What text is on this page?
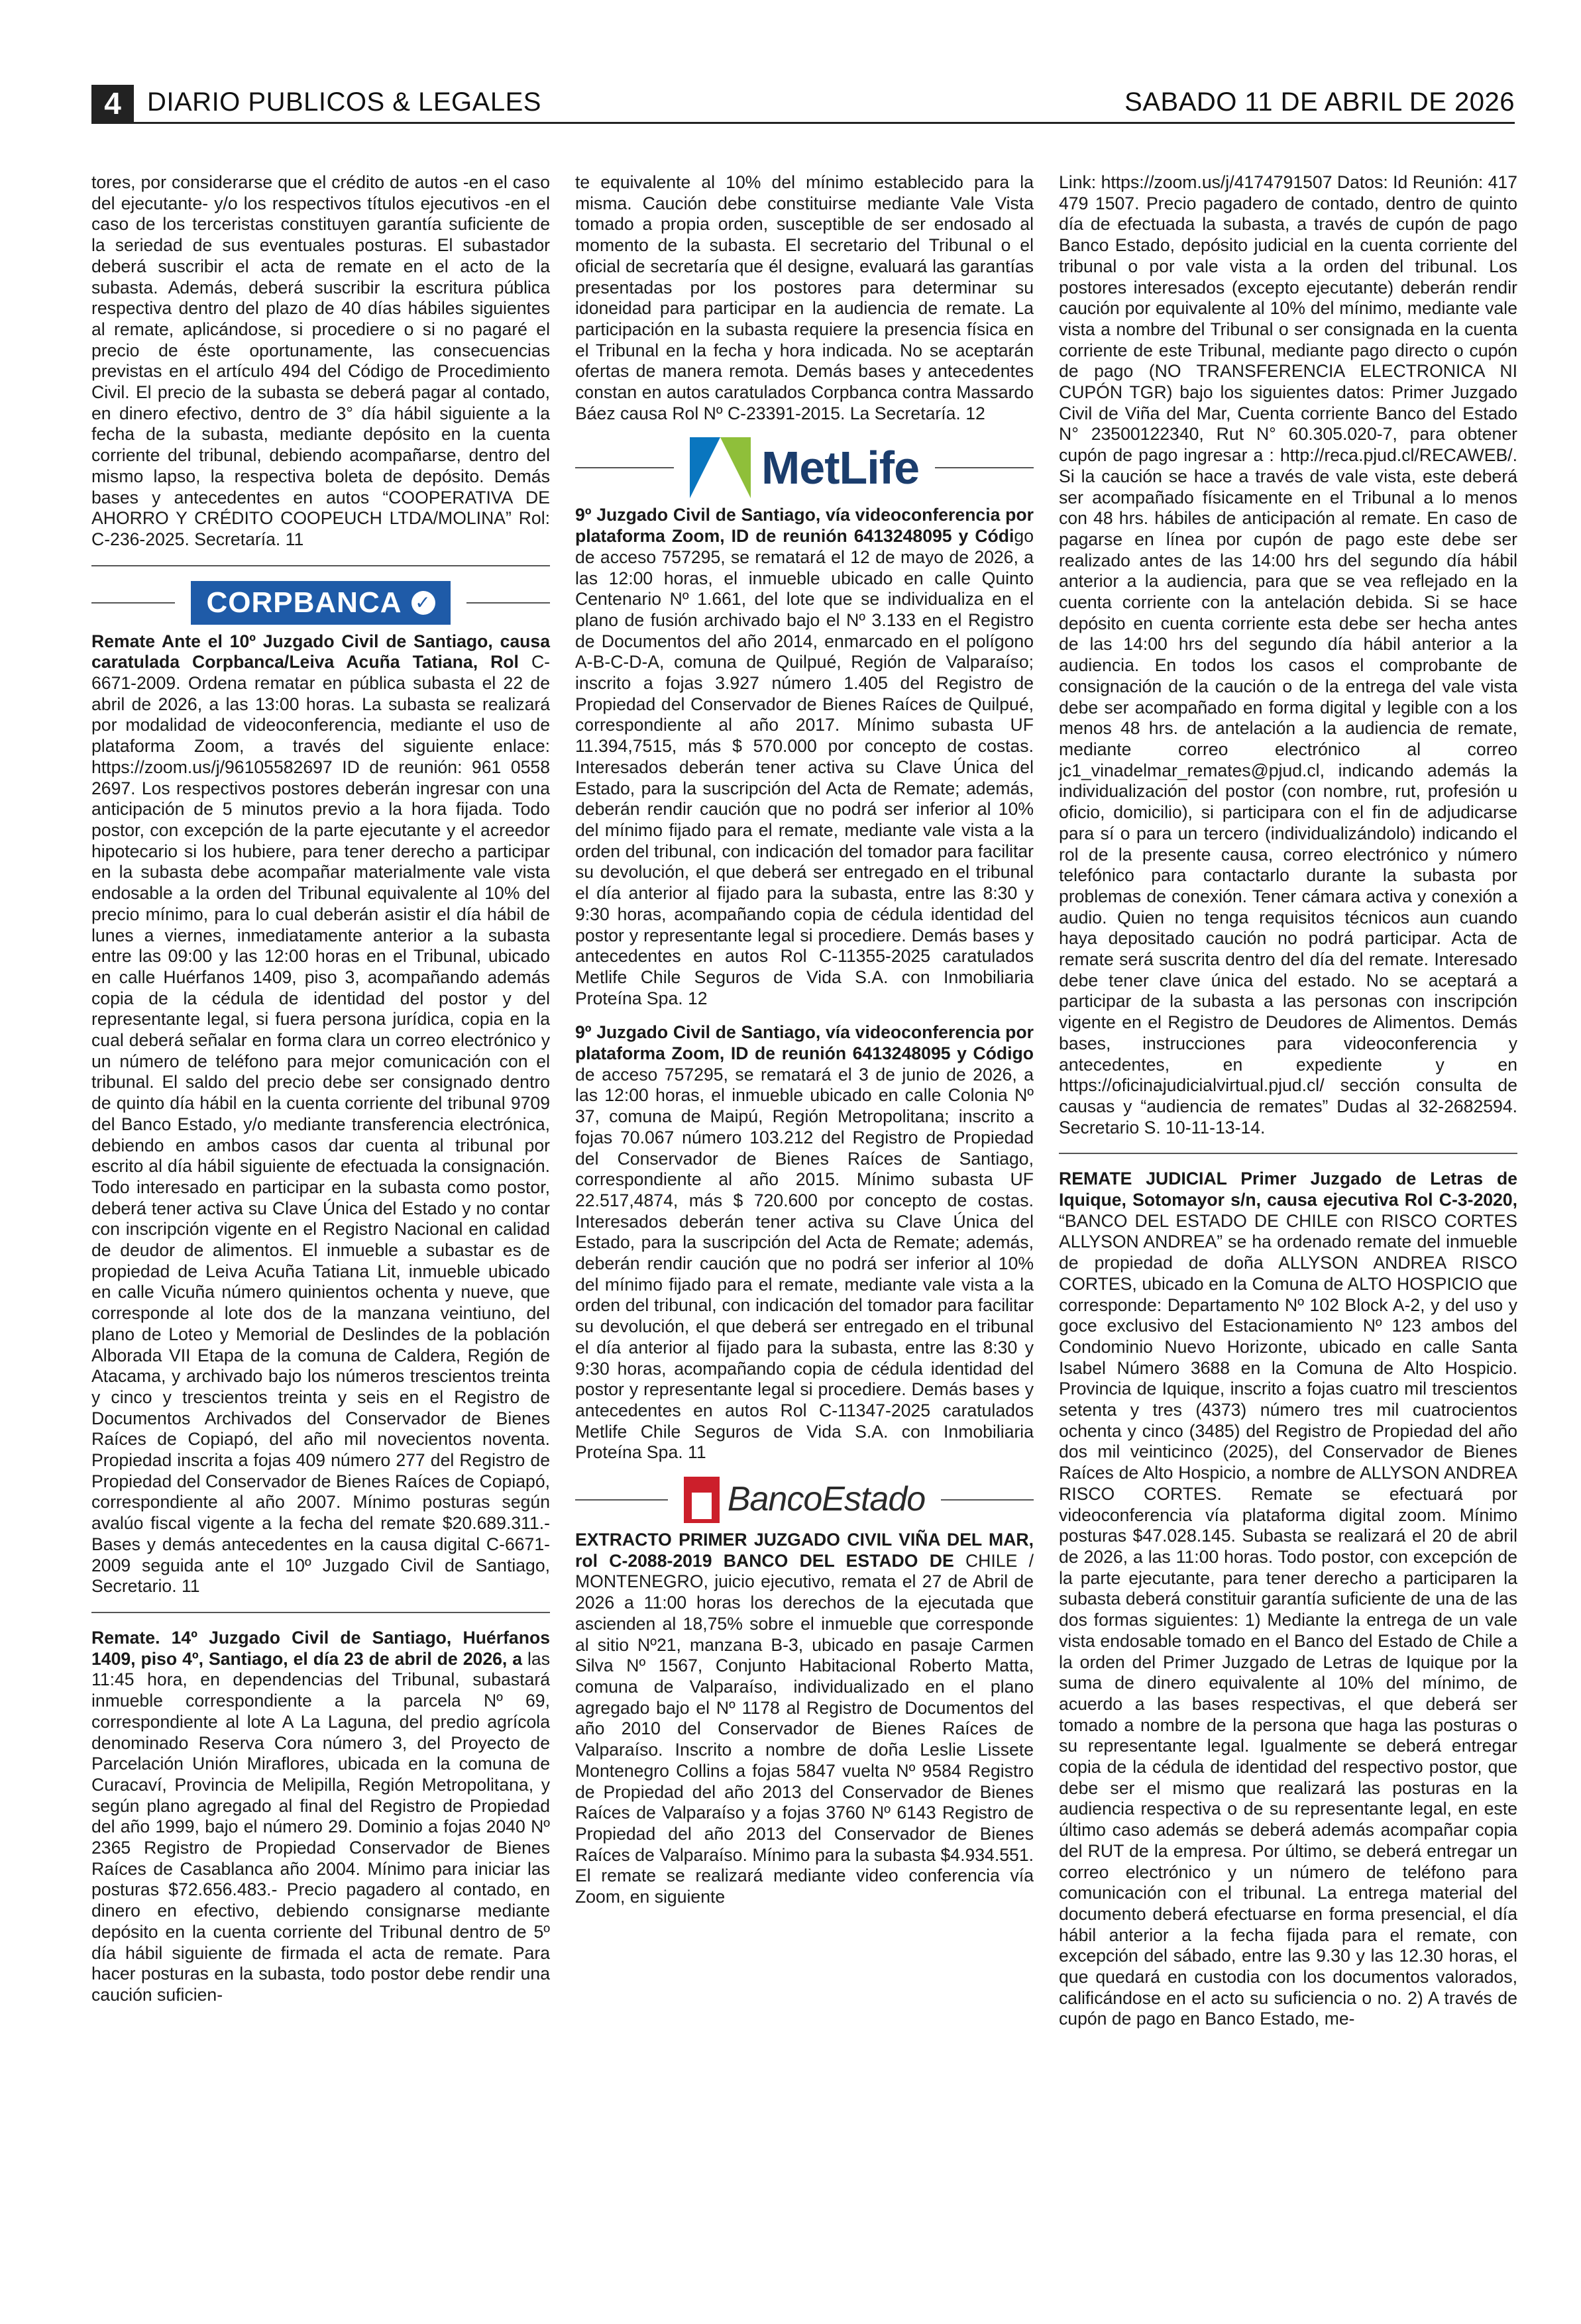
4 DIARIO PUBLICOS & LEGALES	SABADO 11 DE ABRIL DE 2026

tores, por considerarse que el crédito de autos -en el caso del ejecutante- y/o los respectivos títulos ejecutivos -en el caso de los terceristas constituyen garantía suficiente de la seriedad de sus eventuales posturas. El subastador deberá suscribir el acta de remate en el acto de la subasta. Además, deberá suscribir la escritura pública respectiva dentro del plazo de 40 días hábiles siguientes al remate, aplicándose, si procediere o si no pagaré el precio de éste oportunamente, las consecuencias previstas en el artículo 494 del Código de Procedimiento Civil. El precio de la subasta se deberá pagar al contado, en dinero efectivo, dentro de 3° día hábil siguiente a la fecha de la subasta, mediante depósito en la cuenta corriente del tribunal, debiendo acompañarse, dentro del mismo lapso, la respectiva boleta de depósito. Demás bases y antecedentes en autos “COOPERATIVA DE AHORRO Y CRÉDITO COOPEUCH LTDA/MOLINA” Rol: C-236-2025. Secretaría. 11

CORPBANCA ✓

Remate Ante el 10º Juzgado Civil de Santiago, causa caratulada Corpbanca/Leiva Acuña Tatiana, Rol C-6671-2009. Ordena rematar en pública subasta el 22 de abril de 2026, a las 13:00 horas. La subasta se realizará por modalidad de videoconferencia, mediante el uso de plataforma Zoom, a través del siguiente enlace: https://zoom.us/j/96105582697 ID de reunión: 961 0558 2697. Los respectivos postores deberán ingresar con una anticipación de 5 minutos previo a la hora fijada. Todo postor, con excepción de la parte ejecutante y el acreedor hipotecario si los hubiere, para tener derecho a participar en la subasta debe acompañar materialmente vale vista endosable a la orden del Tribunal equivalente al 10% del precio mínimo, para lo cual deberán asistir el día hábil de lunes a viernes, inmediatamente anterior a la subasta entre las 09:00 y las 12:00 horas en el Tribunal, ubicado en calle Huérfanos 1409, piso 3, acompañando además copia de la cédula de identidad del postor y del representante legal, si fuera persona jurídica, copia en la cual deberá señalar en forma clara un correo electrónico y un número de teléfono para mejor comunicación con el tribunal. El saldo del precio debe ser consignado dentro de quinto día hábil en la cuenta corriente del tribunal 9709 del Banco Estado, y/o mediante transferencia electrónica, debiendo en ambos casos dar cuenta al tribunal por escrito al día hábil siguiente de efectuada la consignación. Todo interesado en participar en la subasta como postor, deberá tener activa su Clave Única del Estado y no contar con inscripción vigente en el Registro Nacional en calidad de deudor de alimentos. El inmueble a subastar es de propiedad de Leiva Acuña Tatiana Lit, inmueble ubicado en calle Vicuña número quinientos ochenta y nueve, que corresponde al lote dos de la manzana veintiuno, del plano de Loteo y Memorial de Deslindes de la población Alborada VII Etapa de la comuna de Caldera, Región de Atacama, y archivado bajo los números trescientos treinta y cinco y trescientos treinta y seis en el Registro de Documentos Archivados del Conservador de Bienes Raíces de Copiapó, del año mil novecientos noventa. Propiedad inscrita a fojas 409 número 277 del Registro de Propiedad del Conservador de Bienes Raíces de Copiapó, correspondiente al año 2007. Mínimo posturas según avalúo fiscal vigente a la fecha del remate $20.689.311.- Bases y demás antecedentes en la causa digital C-6671-2009 seguida ante el 10º Juzgado Civil de Santiago, Secretario. 11

Remate. 14º Juzgado Civil de Santiago, Huérfanos 1409, piso 4º, Santiago, el día 23 de abril de 2026, a las 11:45 hora, en dependencias del Tribunal, subastará inmueble correspondiente a la parcela Nº 69, correspondiente al lote A La Laguna, del predio agrícola denominado Reserva Cora número 3, del Proyecto de Parcelación Unión Miraflores, ubicada en la comuna de Curacaví, Provincia de Melipilla, Región Metropolitana, y según plano agregado al final del Registro de Propiedad del año 1999, bajo el número 29. Dominio a fojas 2040 Nº 2365 Registro de Propiedad Conservador de Bienes Raíces de Casablanca año 2004. Mínimo para iniciar las posturas $72.656.483.- Precio pagadero al contado, en dinero en efectivo, debiendo consignarse mediante depósito en la cuenta corriente del Tribunal dentro de 5º día hábil siguiente de firmada el acta de remate. Para hacer posturas en la subasta, todo postor debe rendir una caución suficien-

te equivalente al 10% del mínimo establecido para la misma. Caución debe constituirse mediante Vale Vista tomado a propia orden, susceptible de ser endosado al momento de la subasta. El secretario del Tribunal o el oficial de secretaría que él designe, evaluará las garantías presentadas por los postores para determinar su idoneidad para participar en la audiencia de remate. La participación en la subasta requiere la presencia física en el Tribunal en la fecha y hora indicada. No se aceptarán ofertas de manera remota. Demás bases y antecedentes constan en autos caratulados Corpbanca contra Massardo Báez causa Rol Nº C-23391-2015. La Secretaría. 12

MetLife

9º Juzgado Civil de Santiago, vía videoconferencia por plataforma Zoom, ID de reunión 6413248095 y Código de acceso 757295, se rematará el 12 de mayo de 2026, a las 12:00 horas, el inmueble ubicado en calle Quinto Centenario Nº 1.661, del lote que se individualiza en el plano de fusión archivado bajo el Nº 3.133 en el Registro de Documentos del año 2014, enmarcado en el polígono A-B-C-D-A, comuna de Quilpué, Región de Valparaíso; inscrito a fojas 3.927 número 1.405 del Registro de Propiedad del Conservador de Bienes Raíces de Quilpué, correspondiente al año 2017. Mínimo subasta UF 11.394,7515, más $ 570.000 por concepto de costas. Interesados deberán tener activa su Clave Única del Estado, para la suscripción del Acta de Remate; además, deberán rendir caución que no podrá ser inferior al 10% del mínimo fijado para el remate, mediante vale vista a la orden del tribunal, con indicación del tomador para facilitar su devolución, el que deberá ser entregado en el tribunal el día anterior al fijado para la subasta, entre las 8:30 y 9:30 horas, acompañando copia de cédula identidad del postor y representante legal si procediere. Demás bases y antecedentes en autos Rol C-11355-2025 caratulados Metlife Chile Seguros de Vida S.A. con Inmobiliaria Proteína Spa. 12

9º Juzgado Civil de Santiago, vía videoconferencia por plataforma Zoom, ID de reunión 6413248095 y Código de acceso 757295, se rematará el 3 de junio de 2026, a las 12:00 horas, el inmueble ubicado en calle Colonia Nº 37, comuna de Maipú, Región Metropolitana; inscrito a fojas 70.067 número 103.212 del Registro de Propiedad del Conservador de Bienes Raíces de Santiago, correspondiente al año 2015. Mínimo subasta UF 22.517,4874, más $ 720.600 por concepto de costas. Interesados deberán tener activa su Clave Única del Estado, para la suscripción del Acta de Remate; además, deberán rendir caución que no podrá ser inferior al 10% del mínimo fijado para el remate, mediante vale vista a la orden del tribunal, con indicación del tomador para facilitar su devolución, el que deberá ser entregado en el tribunal el día anterior al fijado para la subasta, entre las 8:30 y 9:30 horas, acompañando copia de cédula identidad del postor y representante legal si procediere. Demás bases y antecedentes en autos Rol C-11347-2025 caratulados Metlife Chile Seguros de Vida S.A. con Inmobiliaria Proteína Spa. 11

BancoEstado

EXTRACTO PRIMER JUZGADO CIVIL VIÑA DEL MAR, rol C-2088-2019 BANCO DEL ESTADO DE CHILE / MONTENEGRO, juicio ejecutivo, remata el 27 de Abril de 2026 a 11:00 horas los derechos de la ejecutada que ascienden al 18,75% sobre el inmueble que corresponde al sitio Nº21, manzana B-3, ubicado en pasaje Carmen Silva Nº 1567, Conjunto Habitacional Roberto Matta, comuna de Valparaíso, individualizado en el plano agregado bajo el Nº 1178 al Registro de Documentos del año 2010 del Conservador de Bienes Raíces de Valparaíso. Inscrito a nombre de doña Leslie Lissete Montenegro Collins a fojas 5847 vuelta Nº 9584 Registro de Propiedad del año 2013 del Conservador de Bienes Raíces de Valparaíso y a fojas 3760 Nº 6143 Registro de Propiedad del año 2013 del Conservador de Bienes Raíces de Valparaíso. Mínimo para la subasta $4.934.551. El remate se realizará mediante video conferencia vía Zoom, en siguiente

Link: https://zoom.us/j/4174791507 Datos: Id Reunión: 417 479 1507. Precio pagadero de contado, dentro de quinto día de efectuada la subasta, a través de cupón de pago Banco Estado, depósito judicial en la cuenta corriente del tribunal o por vale vista a la orden del tribunal. Los postores interesados (excepto ejecutante) deberán rendir caución por equivalente al 10% del mínimo, mediante vale vista a nombre del Tribunal o ser consignada en la cuenta corriente de este Tribunal, mediante pago directo o cupón de pago (NO TRANSFERENCIA ELECTRONICA NI CUPÓN TGR) bajo los siguientes datos: Primer Juzgado Civil de Viña del Mar, Cuenta corriente Banco del Estado N° 23500122340, Rut N° 60.305.020-7, para obtener cupón de pago ingresar a : http://reca.pjud.cl/RECAWEB/. Si la caución se hace a través de vale vista, este deberá ser acompañado físicamente en el Tribunal a lo menos con 48 hrs. hábiles de anticipación al remate. En caso de pagarse en línea por cupón de pago este debe ser realizado antes de las 14:00 hrs del segundo día hábil anterior a la audiencia, para que se vea reflejado en la cuenta corriente con la antelación debida. Si se hace depósito en cuenta corriente esta debe ser hecha antes de las 14:00 hrs del segundo día hábil anterior a la audiencia. En todos los casos el comprobante de consignación de la caución o de la entrega del vale vista debe ser acompañado en forma digital y legible con a los menos 48 hrs. de antelación a la audiencia de remate, mediante correo electrónico al correo jc1_vinadelmar_remates@pjud.cl, indicando además la individualización del postor (con nombre, rut, profesión u oficio, domicilio), si participara con el fin de adjudicarse para sí o para un tercero (individualizándolo) indicando el rol de la presente causa, correo electrónico y número telefónico para contactarlo durante la subasta por problemas de conexión. Tener cámara activa y conexión a audio. Quien no tenga requisitos técnicos aun cuando haya depositado caución no podrá participar. Acta de remate será suscrita dentro del día del remate. Interesado debe tener clave única del estado. No se aceptará a participar de la subasta a las personas con inscripción vigente en el Registro de Deudores de Alimentos. Demás bases, instrucciones para videoconferencia y antecedentes, en expediente y en https://oficinajudicialvirtual.pjud.cl/ sección consulta de causas y “audiencia de remates” Dudas al 32-2682594. Secretario S. 10-11-13-14.

REMATE JUDICIAL Primer Juzgado de Letras de Iquique, Sotomayor s/n, causa ejecutiva Rol C-3-2020, “BANCO DEL ESTADO DE CHILE con RISCO CORTES ALLYSON ANDREA” se ha ordenado remate del inmueble de propiedad de doña ALLYSON ANDREA RISCO CORTES, ubicado en la Comuna de ALTO HOSPICIO que corresponde: Departamento Nº 102 Block A-2, y del uso y goce exclusivo del Estacionamiento Nº 123 ambos del Condominio Nuevo Horizonte, ubicado en calle Santa Isabel Número 3688 en la Comuna de Alto Hospicio. Provincia de Iquique, inscrito a fojas cuatro mil trescientos setenta y tres (4373) número tres mil cuatrocientos ochenta y cinco (3485) del Registro de Propiedad del año dos mil veinticinco (2025), del Conservador de Bienes Raíces de Alto Hospicio, a nombre de ALLYSON ANDREA RISCO CORTES. Remate se efectuará por videoconferencia vía plataforma digital zoom. Mínimo posturas $47.028.145. Subasta se realizará el 20 de abril de 2026, a las 11:00 horas. Todo postor, con excepción de la parte ejecutante, para tener derecho a participaren la subasta deberá constituir garantía suficiente de una de las dos formas siguientes: 1) Mediante la entrega de un vale vista endosable tomado en el Banco del Estado de Chile a la orden del Primer Juzgado de Letras de Iquique por la suma de dinero equivalente al 10% del mínimo, de acuerdo a las bases respectivas, el que deberá ser tomado a nombre de la persona que haga las posturas o su representante legal. Igualmente se deberá entregar copia de la cédula de identidad del respectivo postor, que debe ser el mismo que realizará las posturas en la audiencia respectiva o de su representante legal, en este último caso además se deberá además acompañar copia del RUT de la empresa. Por último, se deberá entregar un correo electrónico y un número de teléfono para comunicación con el tribunal. La entrega material del documento deberá efectuarse en forma presencial, el día hábil anterior a la fecha fijada para el remate, con excepción del sábado, entre las 9.30 y las 12.30 horas, el que quedará en custodia con los documentos valorados, calificándose en el acto su suficiencia o no. 2) A través de cupón de pago en Banco Estado, me-
